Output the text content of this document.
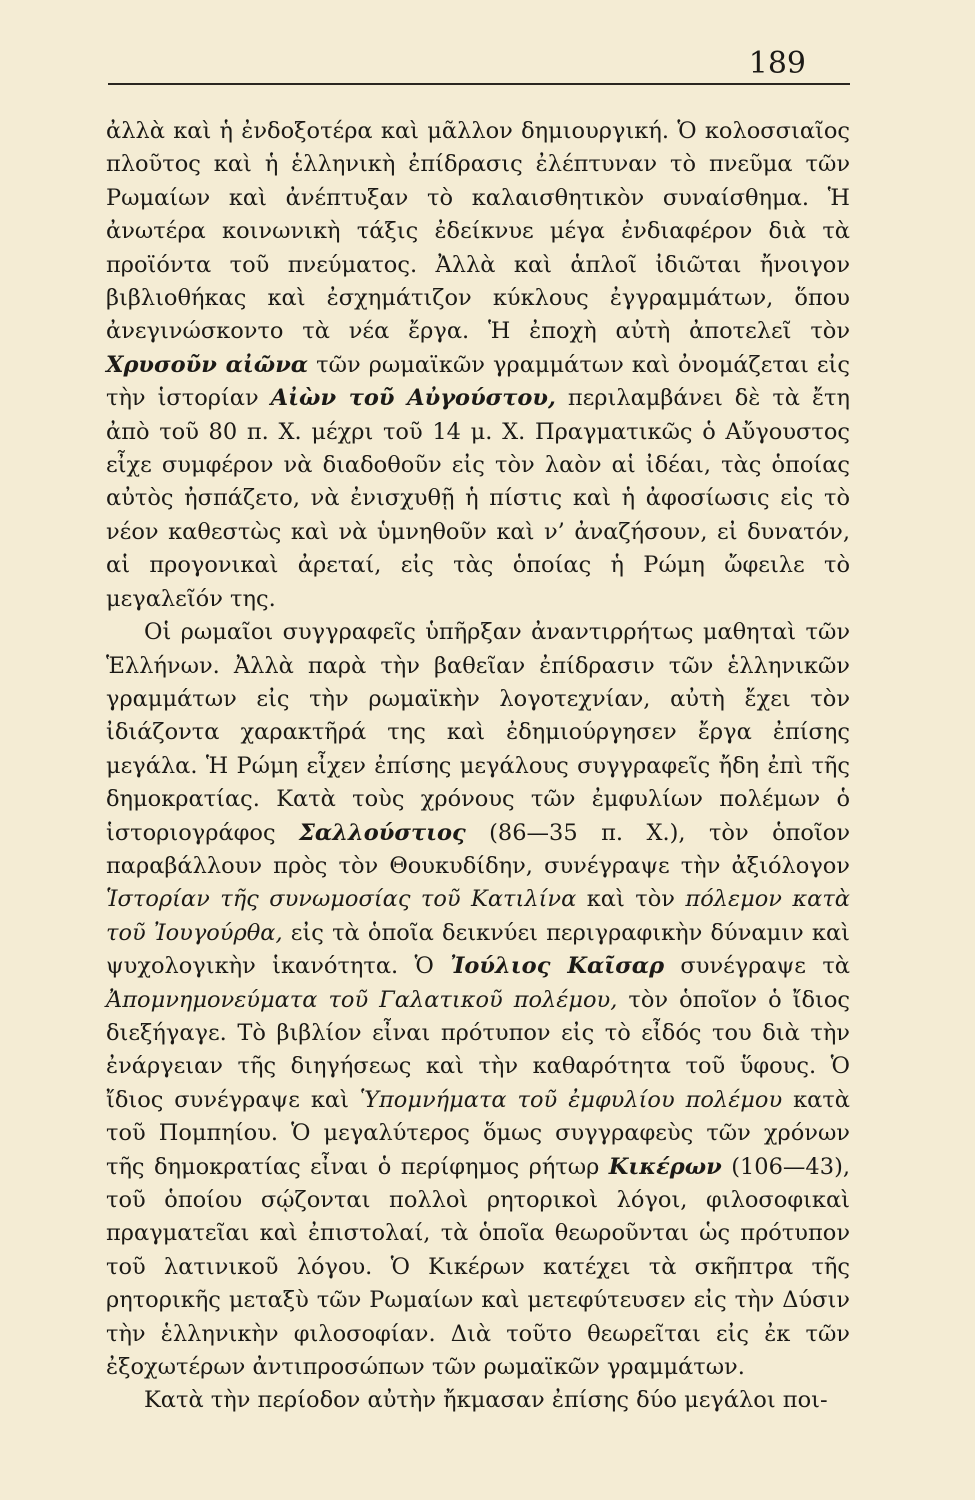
189

ἀλλὰ καὶ ἡ ἐνδοξοτέρα καὶ μᾶλλον δημιουργική. Ὁ κολοσσιαῖος πλοῦτος καὶ ἡ ἑλληνικὴ ἐπίδρασις ἐλέπτυναν τὸ πνεῦμα τῶν Ρωμαίων καὶ ἀνέπτυξαν τὸ καλαισθητικὸν συναίσθημα. Ἡ ἀνωτέρα κοινωνικὴ τάξις ἐδείκνυε μέγα ἐνδιαφέρον διὰ τὰ προϊόντα τοῦ πνεύματος. Ἀλλὰ καὶ ἁπλοῖ ἰδιῶται ἤνοιγον βιβλιοθήκας καὶ ἐσχημάτιζον κύκλους ἐγγραμμάτων, ὅπου ἀνεγινώσκοντο τὰ νέα ἔργα. Ἡ ἐποχὴ αὐτὴ ἀποτελεῖ τὸν Χρυσοῦν αἰῶνα τῶν ρωμαϊκῶν γραμμάτων καὶ ὀνομάζεται εἰς τὴν ἱστορίαν Αἰὼν τοῦ Αὐγούστου, περιλαμβάνει δὲ τὰ ἔτη ἀπὸ τοῦ 80 π. Χ. μέχρι τοῦ 14 μ. Χ. Πραγματικῶς ὁ Αὔγουστος εἶχε συμφέρον νὰ διαδοθοῦν εἰς τὸν λαὸν αἱ ἰδέαι, τὰς ὁποίας αὐτὸς ἠσπάζετο, νὰ ἐνισχυθῇ ἡ πίστις καὶ ἡ ἀφοσίωσις εἰς τὸ νέον καθεστὼς καὶ νὰ ὑμνηθοῦν καὶ ν’ ἀναζήσουν, εἰ δυνατόν, αἱ προγονικαὶ ἀρεταί, εἰς τὰς ὁποίας ἡ Ρώμη ὤφειλε τὸ μεγαλεῖόν της.

Οἱ ρωμαῖοι συγγραφεῖς ὑπῆρξαν ἀναντιρρήτως μαθηταὶ τῶν Ἑλλήνων. Ἀλλὰ παρὰ τὴν βαθεῖαν ἐπίδρασιν τῶν ἑλληνικῶν γραμμάτων εἰς τὴν ρωμαϊκὴν λογοτεχνίαν, αὐτὴ ἔχει τὸν ἰδιάζοντα χαρακτῆρά της καὶ ἐδημιούργησεν ἔργα ἐπίσης μεγάλα. Ἡ Ρώμη εἶχεν ἐπίσης μεγάλους συγγραφεῖς ἤδη ἐπὶ τῆς δημοκρατίας. Κατὰ τοὺς χρόνους τῶν ἐμφυλίων πολέμων ὁ ἱστοριογράφος Σαλλούστιος (86—35 π. Χ.), τὸν ὁποῖον παραβάλλουν πρὸς τὸν Θουκυδίδην, συνέγραψε τὴν ἀξιόλογον Ἱστορίαν τῆς συνωμοσίας τοῦ Κατιλίνα καὶ τὸν πόλεμον κατὰ τοῦ Ἰουγούρθα, εἰς τὰ ὁποῖα δεικνύει περιγραφικὴν δύναμιν καὶ ψυχολογικὴν ἱκανότητα. Ὁ Ἰούλιος Καῖσαρ συνέγραψε τὰ Ἀπομνημονεύματα τοῦ Γαλατικοῦ πολέμου, τὸν ὁποῖον ὁ ἴδιος διεξήγαγε. Τὸ βιβλίον εἶναι πρότυπον εἰς τὸ εἶδός του διὰ τὴν ἐνάργειαν τῆς διηγήσεως καὶ τὴν καθαρότητα τοῦ ὕφους. Ὁ ἴδιος συνέγραψε καὶ Ὑπομνήματα τοῦ ἐμφυλίου πολέμου κατὰ τοῦ Πομπηίου. Ὁ μεγαλύτερος ὅμως συγγραφεὺς τῶν χρόνων τῆς δημοκρατίας εἶναι ὁ περίφημος ρήτωρ Κικέρων (106—43), τοῦ ὁποίου σῴζονται πολλοὶ ρητορικοὶ λόγοι, φιλοσοφικαὶ πραγματεῖαι καὶ ἐπιστολαί, τὰ ὁποῖα θεωροῦνται ὡς πρότυπον τοῦ λατινικοῦ λόγου. Ὁ Κικέρων κατέχει τὰ σκῆπτρα τῆς ρητορικῆς μεταξὺ τῶν Ρωμαίων καὶ μετεφύτευσεν εἰς τὴν Δύσιν τὴν ἑλληνικὴν φιλοσοφίαν. Διὰ τοῦτο θεωρεῖται εἰς ἐκ τῶν ἐξοχωτέρων ἀντιπροσώπων τῶν ρωμαϊκῶν γραμμάτων.

Κατὰ τὴν περίοδον αὐτὴν ἤκμασαν ἐπίσης δύο μεγάλοι ποι-
